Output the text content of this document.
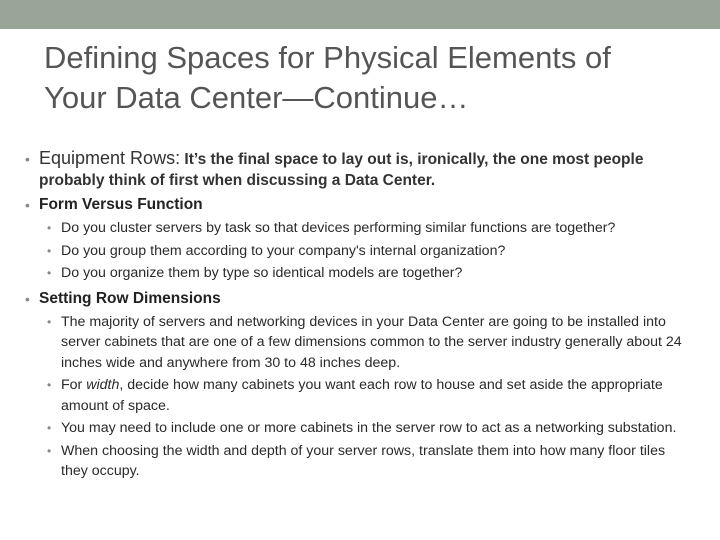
Defining Spaces for Physical Elements of
Your Data Center—Continue…
• Equipment Rows: It’s the final space to lay out is, ironically, the one most people probably think of first when discussing a Data Center.
• Form Versus Function
• Do you cluster servers by task so that devices performing similar functions are together?
• Do you group them according to your company's internal organization?
• Do you organize them by type so identical models are together?
• Setting Row Dimensions
• The majority of servers and networking devices in your Data Center are going to be installed into server cabinets that are one of a few dimensions common to the server industry generally about 24 inches wide and anywhere from 30 to 48 inches deep.
• For width, decide how many cabinets you want each row to house and set aside the appropriate amount of space.
• You may need to include one or more cabinets in the server row to act as a networking substation.
• When choosing the width and depth of your server rows, translate them into how many floor tiles they occupy.
